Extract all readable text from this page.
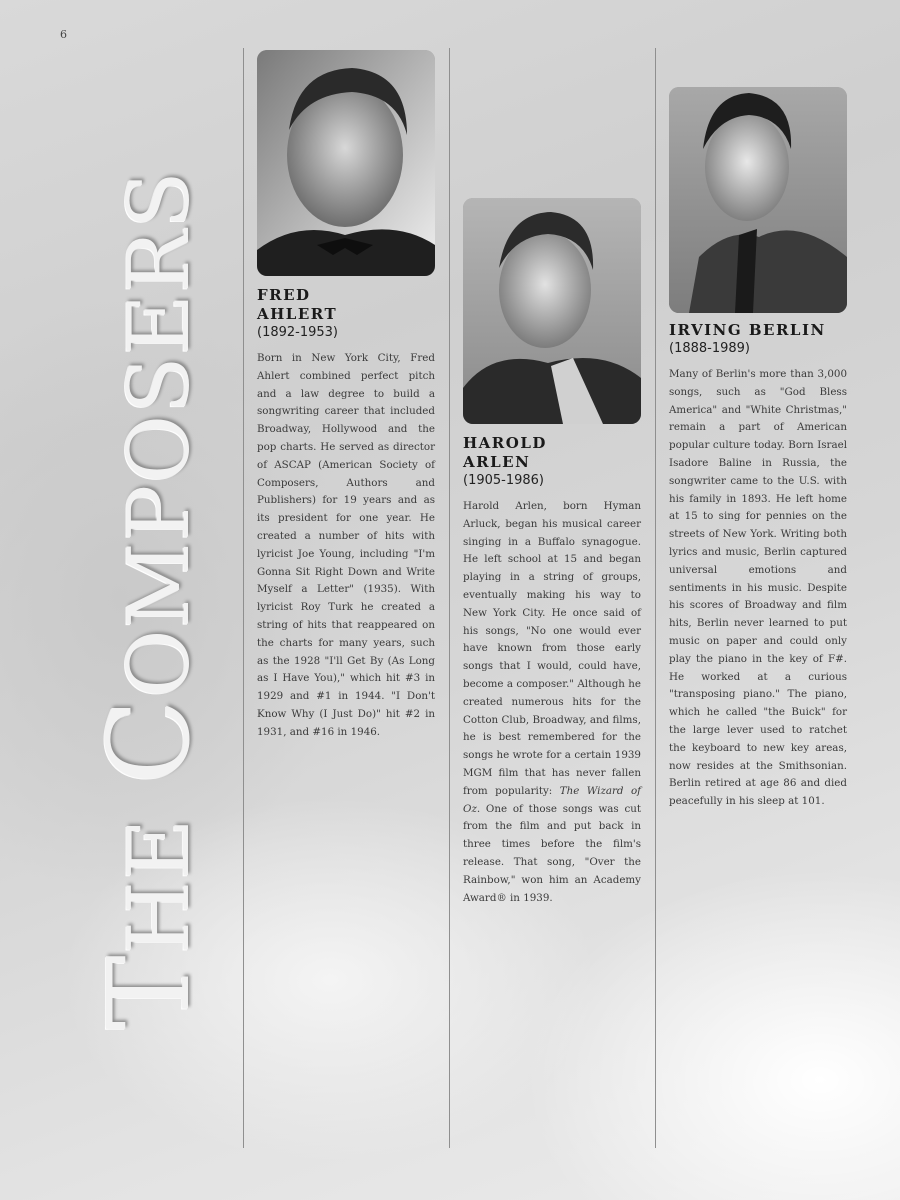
6
THE COMPOSERS	FRED
AHLERT
(1892-1953)

Born in New York City, Fred Ahlert combined perfect pitch and a law degree to build a songwriting career that included Broadway, Hollywood and the pop charts. He served as director of ASCAP (American Society of Composers, Authors and Publishers) for 19 years and as its president for one year. He created a number of hits with lyricist Joe Young, including "I'm Gonna Sit Right Down and Write Myself a Letter" (1935). With lyricist Roy Turk he created a string of hits that reappeared on the charts for many years, such as the 1928 "I'll Get By (As Long as I Have You)," which hit #3 in 1929 and #1 in 1944. "I Don't Know Why (I Just Do)" hit #2 in 1931, and #16 in 1946.

HAROLD
ARLEN
(1905-1986)

Harold Arlen, born Hyman Arluck, began his musical career singing in a Buffalo synagogue. He left school at 15 and began playing in a string of groups, eventually making his way to New York City. He once said of his songs, "No one would ever have known from those early songs that I would, could have, become a composer." Although he created numerous hits for the Cotton Club, Broadway, and films, he is best remembered for the songs he wrote for a certain 1939 MGM film that has never fallen from popularity: The Wizard of Oz. One of those songs was cut from the film and put back in three times before the film's release. That song, "Over the Rainbow," won him an Academy Award® in 1939.

IRVING BERLIN
(1888-1989)

Many of Berlin's more than 3,000 songs, such as "God Bless America" and "White Christmas," remain a part of American popular culture today. Born Israel Isadore Baline in Russia, the songwriter came to the U.S. with his family in 1893. He left home at 15 to sing for pennies on the streets of New York. Writing both lyrics and music, Berlin captured universal emotions and sentiments in his music. Despite his scores of Broadway and film hits, Berlin never learned to put music on paper and could only play the piano in the key of F#. He worked at a curious "transposing piano." The piano, which he called "the Buick" for the large lever used to ratchet the keyboard to new key areas, now resides at the Smithsonian. Berlin retired at age 86 and died peacefully in his sleep at 101.
